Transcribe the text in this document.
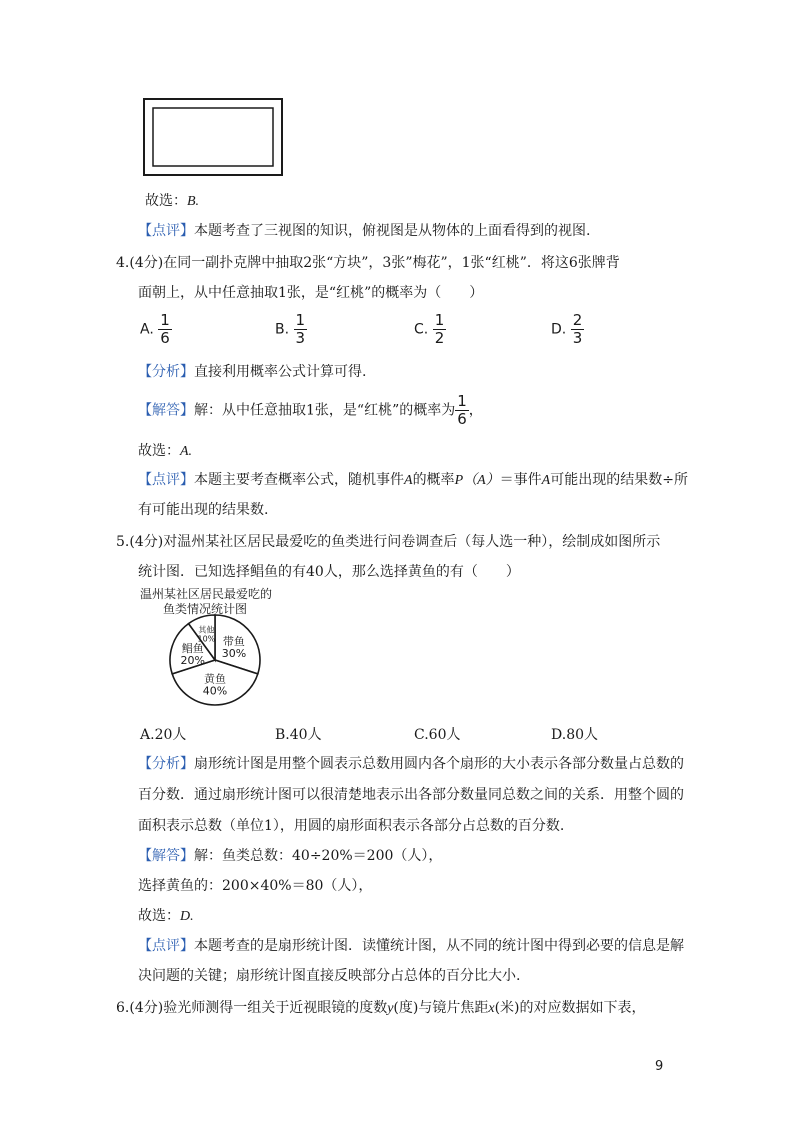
故选：B.
【点评】本题考查了三视图的知识，俯视图是从物体的上面看得到的视图.
4.(4分)在同一副扑克牌中抽取2张“方块”，3张”梅花”，1张“红桃”．将这6张牌背
面朝上，从中任意抽取1张，是“红桃”的概率为（　　）
A. $\frac{1}{6}$	B. $\frac{1}{3}$	C. $\frac{1}{2}$	D. $\frac{2}{3}$
【分析】直接利用概率公式计算可得.
【解答】解：从中任意抽取1张，是“红桃”的概率为 $\frac{1}{6}$ ，
故选：A.
【点评】本题主要考查概率公式，随机事件A的概率P（A）＝事件A可能出现的结果数÷所
有可能出现的结果数.
5.(4分)对温州某社区居民最爱吃的鱼类进行问卷调查后（每人选一种），绘制成如图所示
统计图．已知选择鲳鱼的有40人，那么选择黄鱼的有（　　）
温州某社区居民最爱吃的
鱼类情况统计图
带鱼
30%
黄鱼
40%
鲳鱼
20%
其他
10%
A.20人	B.40人	C.60人	D.80人
【分析】扇形统计图是用整个圆表示总数用圆内各个扇形的大小表示各部分数量占总数的
百分数．通过扇形统计图可以很清楚地表示出各部分数量同总数之间的关系．用整个圆的
面积表示总数（单位1），用圆的扇形面积表示各部分占总数的百分数.
【解答】解：鱼类总数：40÷20%＝200（人），
选择黄鱼的：200×40%＝80（人），
故选：D.
【点评】本题考查的是扇形统计图．读懂统计图，从不同的统计图中得到必要的信息是解
决问题的关键；扇形统计图直接反映部分占总体的百分比大小.
6.(4分)验光师测得一组关于近视眼镜的度数y(度)与镜片焦距x(米)的对应数据如下表，
9
